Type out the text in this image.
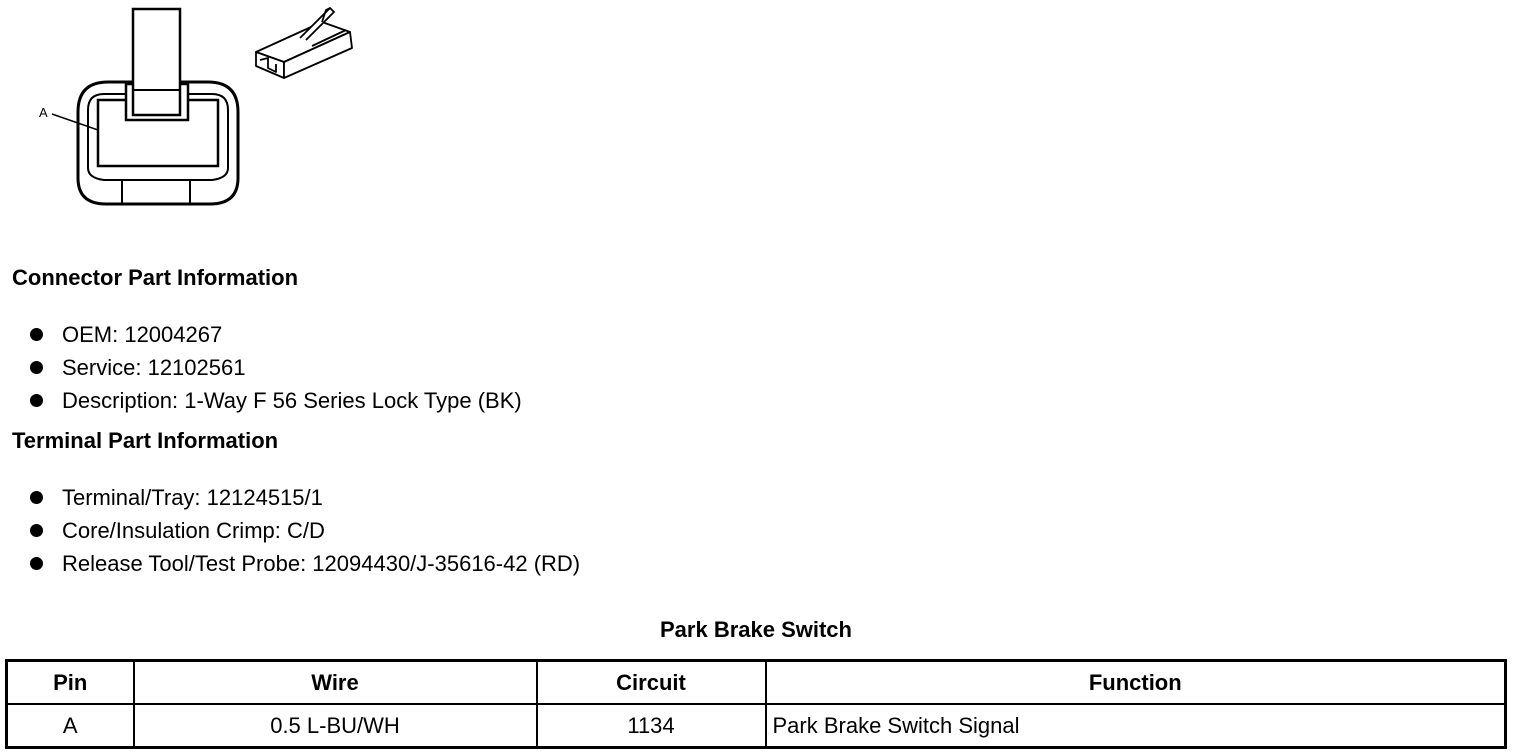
A
Connector Part Information
OEM: 12004267
Service: 12102561
Description: 1-Way F 56 Series Lock Type (BK)
Terminal Part Information
Terminal/Tray: 12124515/1
Core/Insulation Crimp: C/D
Release Tool/Test Probe: 12094430/J-35616-42 (RD)
Park Brake Switch
Pin	Wire	Circuit	Function
A	0.5 L-BU/WH	1134	Park Brake Switch Signal
